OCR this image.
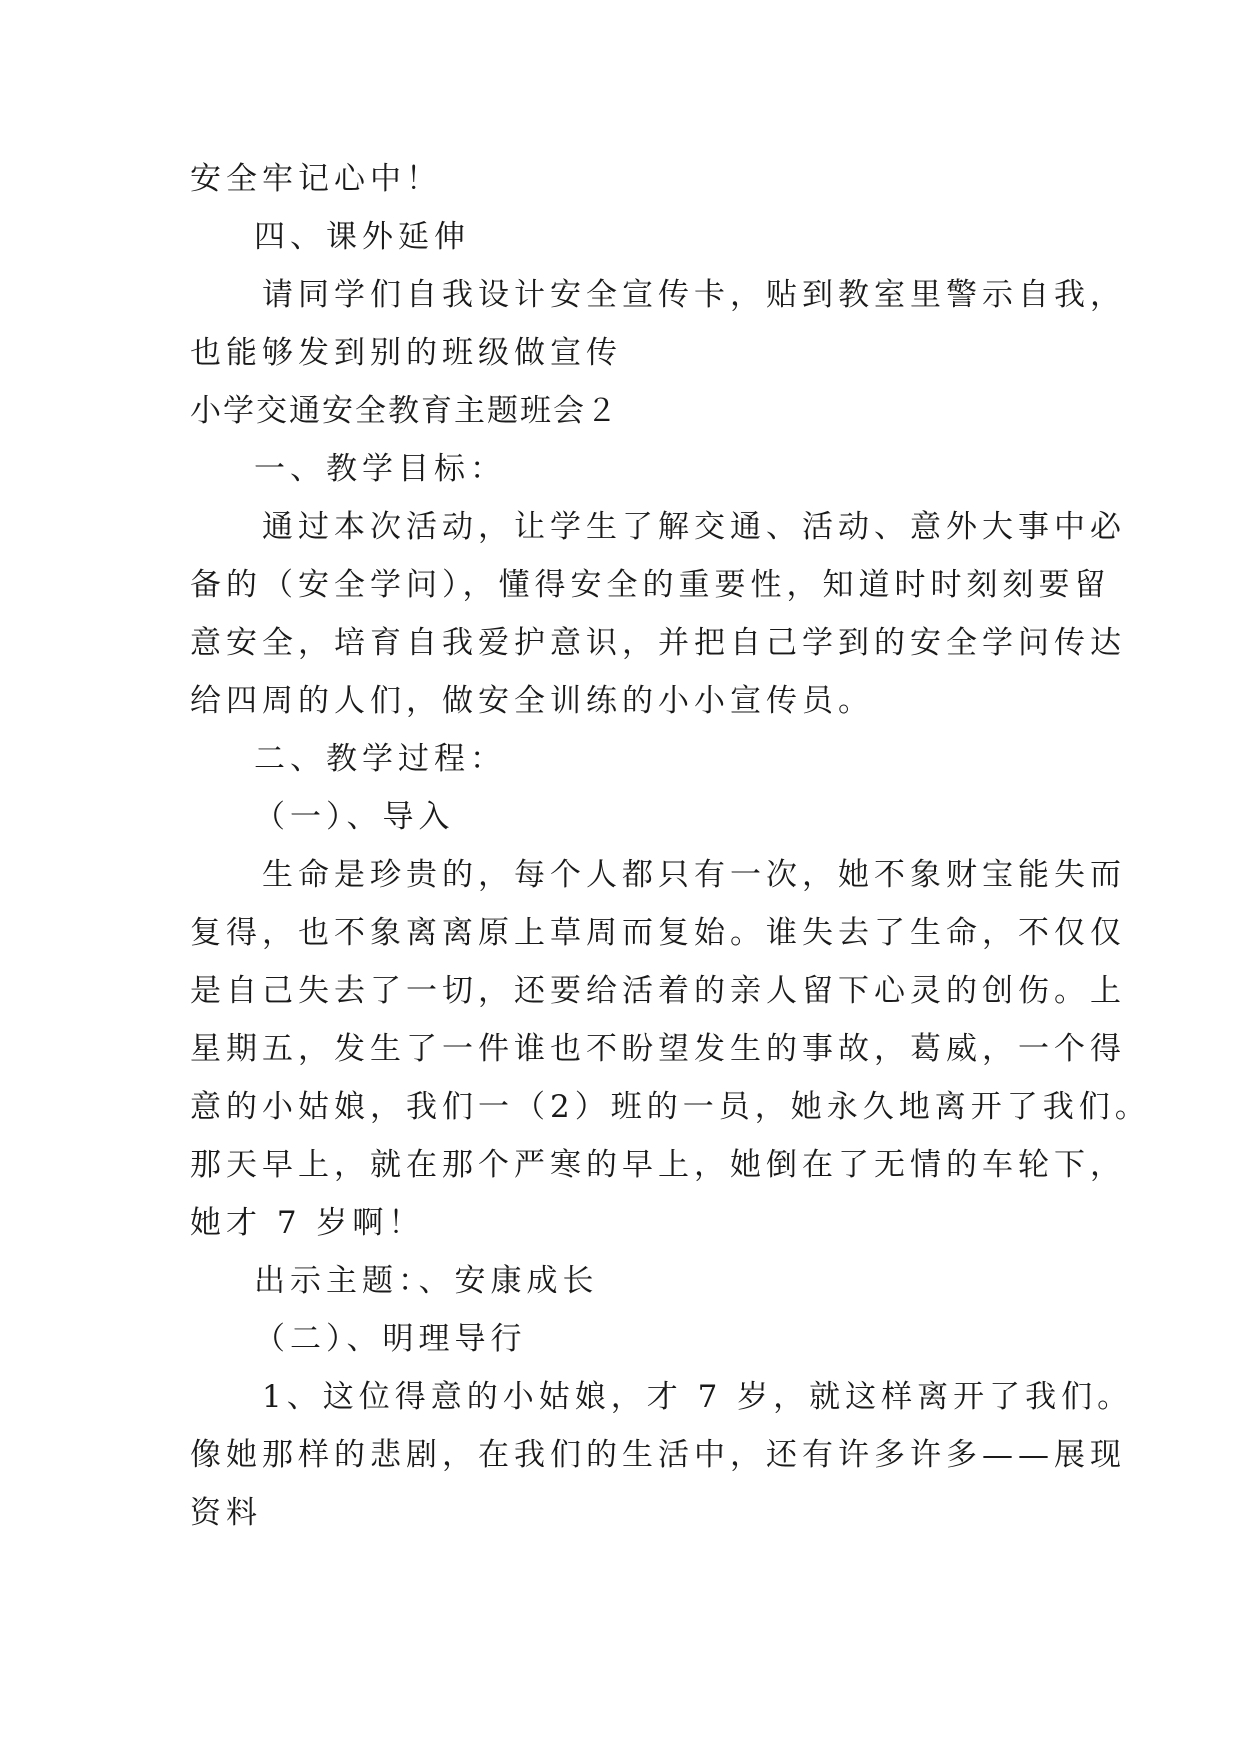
安全牢记心中！

四、课外延伸

请同学们自我设计安全宣传卡，贴到教室里警示自我，

也能够发到别的班级做宣传

小学交通安全教育主题班会２

一、教学目标：

通过本次活动，让学生了解交通、活动、意外大事中必

备的（安全学问），懂得安全的重要性，知道时时刻刻要留

意安全，培育自我爱护意识，并把自己学到的安全学问传达

给四周的人们，做安全训练的小小宣传员。

二、教学过程：

（一）、导入

生命是珍贵的，每个人都只有一次，她不象财宝能失而

复得，也不象离离原上草周而复始。谁失去了生命，不仅仅

是自己失去了一切，还要给活着的亲人留下心灵的创伤。上

星期五，发生了一件谁也不盼望发生的事故，葛威，一个得

意的小姑娘，我们一（2）班的一员，她永久地离开了我们。

那天早上，就在那个严寒的早上，她倒在了无情的车轮下，

她才 7 岁啊！

出示主题：、安康成长

（二）、明理导行

1、这位得意的小姑娘，才 7 岁，就这样离开了我们。

像她那样的悲剧，在我们的生活中，还有许多许多——展现

资料
